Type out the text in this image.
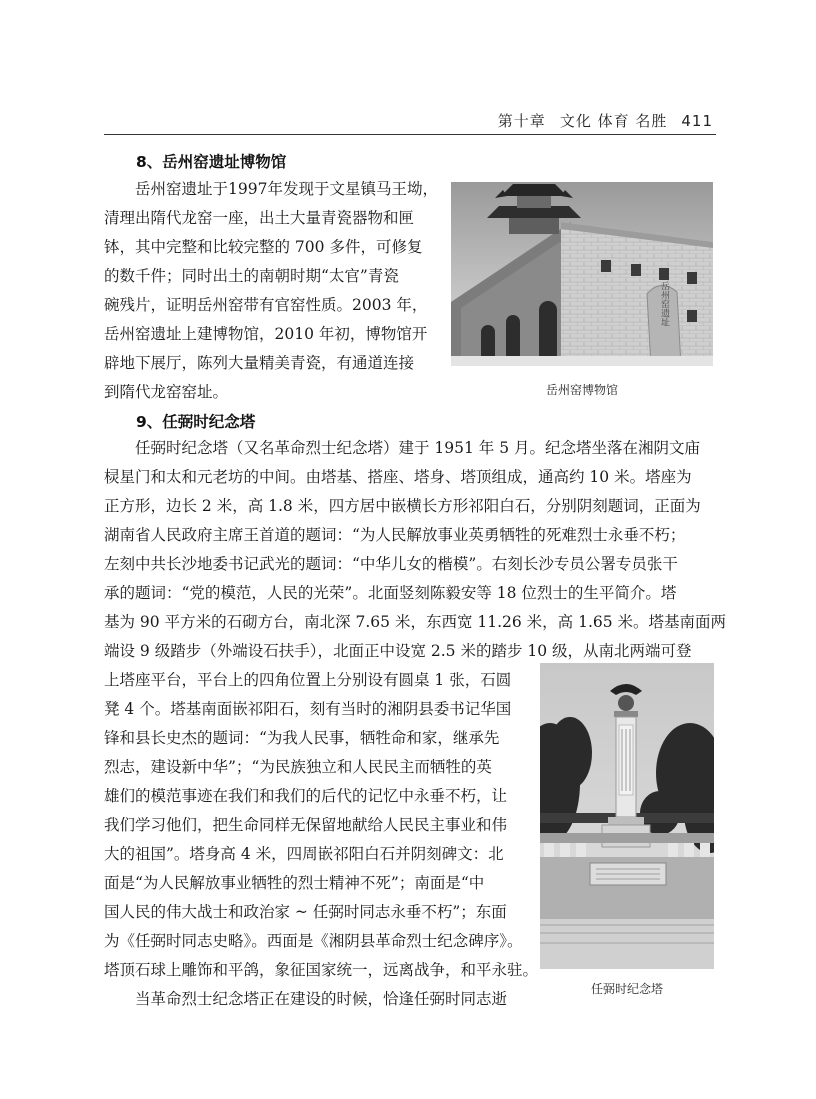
第十章 文化 体育 名胜 411
8、岳州窑遗址博物馆
岳州窑遗址于1997年发现于文星镇马王坳，
清理出隋代龙窑一座，出土大量青瓷器物和匣
钵，其中完整和比较完整的 700 多件，可修复
的数千件；同时出土的南朝时期“太官”青瓷
碗残片，证明岳州窑带有官窑性质。2003 年，
岳州窑遗址上建博物馆，2010 年初，博物馆开
辟地下展厅，陈列大量精美青瓷，有通道连接
到隋代龙窑窑址。
岳州窑遗址
岳州窑博物馆
9、任弼时纪念塔
任弼时纪念塔（又名革命烈士纪念塔）建于 1951 年 5 月。纪念塔坐落在湘阴文庙
棂星门和太和元老坊的中间。由塔基、搭座、塔身、塔顶组成，通高约 10 米。塔座为
正方形，边长 2 米，高 1.8 米，四方居中嵌横长方形祁阳白石，分别阴刻题词，正面为
湖南省人民政府主席王首道的题词：“为人民解放事业英勇牺牲的死难烈士永垂不朽；
左刻中共长沙地委书记武光的题词：“中华儿女的楷模”。右刻长沙专员公署专员张干
承的题词：“党的模范，人民的光荣”。北面竖刻陈毅安等 18 位烈士的生平简介。塔
基为 90 平方米的石砌方台，南北深 7.65 米，东西宽 11.26 米，高 1.65 米。塔基南面两
端设 9 级踏步（外端设石扶手），北面正中设宽 2.5 米的踏步 10 级，从南北两端可登
上塔座平台，平台上的四角位置上分别设有圆桌 1 张，石圆
凳 4 个。塔基南面嵌祁阳石，刻有当时的湘阴县委书记华国
锋和县长史杰的题词：“为我人民事，牺牲命和家，继承先
烈志，建设新中华”；“为民族独立和人民民主而牺牲的英
雄们的模范事迹在我们和我们的后代的记忆中永垂不朽，让
我们学习他们，把生命同样无保留地献给人民民主事业和伟
大的祖国”。塔身高 4 米，四周嵌祁阳白石并阴刻碑文：北
面是“为人民解放事业牺牲的烈士精神不死”；南面是“中
国人民的伟大战士和政治家 ~ 任弼时同志永垂不朽”；东面
为《任弼时同志史略》。西面是《湘阴县革命烈士纪念碑序》。
塔顶石球上雕饰和平鸽，象征国家统一，远离战争，和平永驻。
当革命烈士纪念塔正在建设的时候，恰逢任弼时同志逝
任弼时纪念塔
